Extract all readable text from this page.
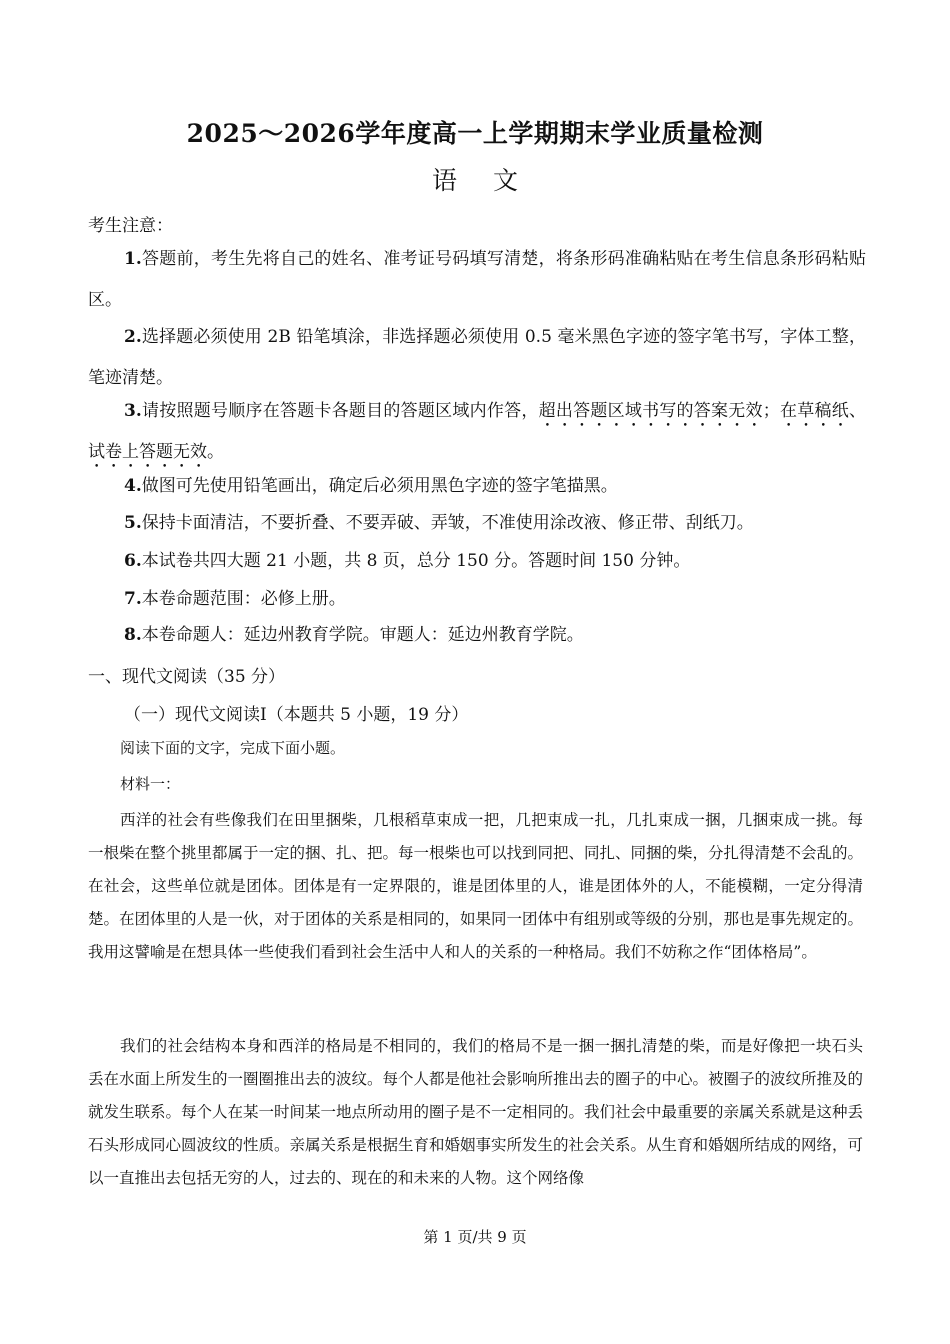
2025～2026学年度高一上学期期末学业质量检测
语 文
考生注意：
1.答题前，考生先将自己的姓名、准考证号码填写清楚，将条形码准确粘贴在考生信息条形码粘贴区。
2.选择题必须使用 2B 铅笔填涂，非选择题必须使用 0.5 毫米黑色字迹的签字笔书写，字体工整，笔迹清楚。
3.请按照题号顺序在答题卡各题目的答题区域内作答，超出答题区域书写的答案无效；在草稿纸、试卷上答题无效。
4.做图可先使用铅笔画出，确定后必须用黑色字迹的签字笔描黑。
5.保持卡面清洁，不要折叠、不要弄破、弄皱，不准使用涂改液、修正带、刮纸刀。
6.本试卷共四大题 21 小题，共 8 页，总分 150 分。答题时间 150 分钟。
7.本卷命题范围：必修上册。
8.本卷命题人：延边州教育学院。审题人：延边州教育学院。
一、现代文阅读（35 分）
（一）现代文阅读Ⅰ（本题共 5 小题，19 分）
阅读下面的文字，完成下面小题。
材料一：
西洋的社会有些像我们在田里捆柴，几根稻草束成一把，几把束成一扎，几扎束成一捆，几捆束成一挑。每一根柴在整个挑里都属于一定的捆、扎、把。每一根柴也可以找到同把、同扎、同捆的柴，分扎得清楚不会乱的。在社会，这些单位就是团体。团体是有一定界限的，谁是团体里的人，谁是团体外的人，不能模糊，一定分得清楚。在团体里的人是一伙，对于团体的关系是相同的，如果同一团体中有组别或等级的分别，那也是事先规定的。我用这譬喻是在想具体一些使我们看到社会生活中人和人的关系的一种格局。我们不妨称之作“团体格局”。
我们的社会结构本身和西洋的格局是不相同的，我们的格局不是一捆一捆扎清楚的柴，而是好像把一块石头丢在水面上所发生的一圈圈推出去的波纹。每个人都是他社会影响所推出去的圈子的中心。被圈子的波纹所推及的就发生联系。每个人在某一时间某一地点所动用的圈子是不一定相同的。我们社会中最重要的亲属关系就是这种丢石头形成同心圆波纹的性质。亲属关系是根据生育和婚姻事实所发生的社会关系。从生育和婚姻所结成的网络，可以一直推出去包括无穷的人，过去的、现在的和未来的人物。这个网络像
第 1 页/共 9 页
